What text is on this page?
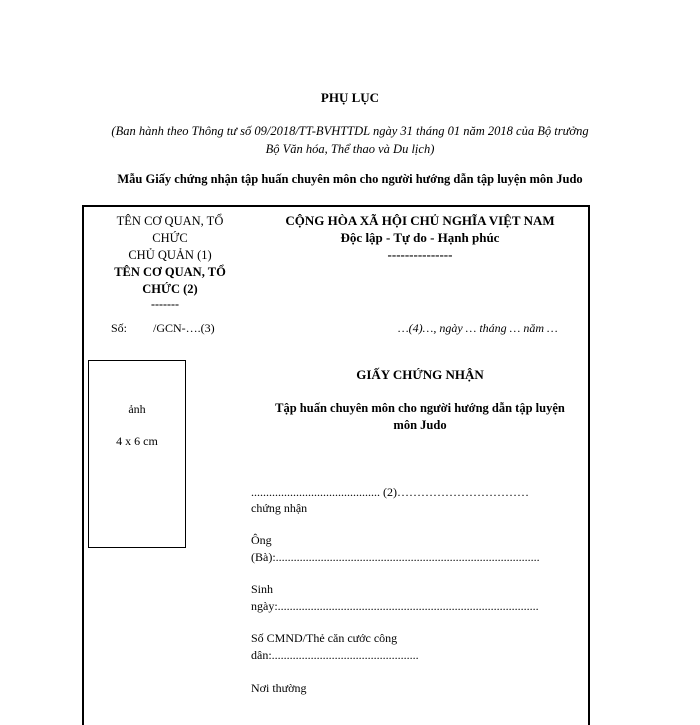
PHỤ LỤC
(Ban hành theo Thông tư số 09/2018/TT-BVHTTDL ngày 31 tháng 01 năm 2018 của Bộ trưởng
Bộ Văn hóa, Thể thao và Du lịch)
Mẫu Giấy chứng nhận tập huấn chuyên môn cho người hướng dẫn tập luyện môn Judo
TÊN CƠ QUAN, TỔ
CHỨC
CHỦ QUẢN (1)
TÊN CƠ QUAN, TỔ
CHỨC (2)
-------
CỘNG HÒA XÃ HỘI CHỦ NGHĨA VIỆT NAM
Độc lập - Tự do - Hạnh phúc
---------------
Số: /GCN-….(3)	…(4)…, ngày … tháng … năm …
ảnh
4 x 6 cm
GIẤY CHỨNG NHẬN
Tập huấn chuyên môn cho người hướng dẫn tập luyện
môn Judo
........................................... (2)……………………………
chứng nhận
Ông
(Bà):........................................................................................
Sinh
ngày:.......................................................................................
Số CMND/Thẻ căn cước công
dân:.................................................
Nơi thường
